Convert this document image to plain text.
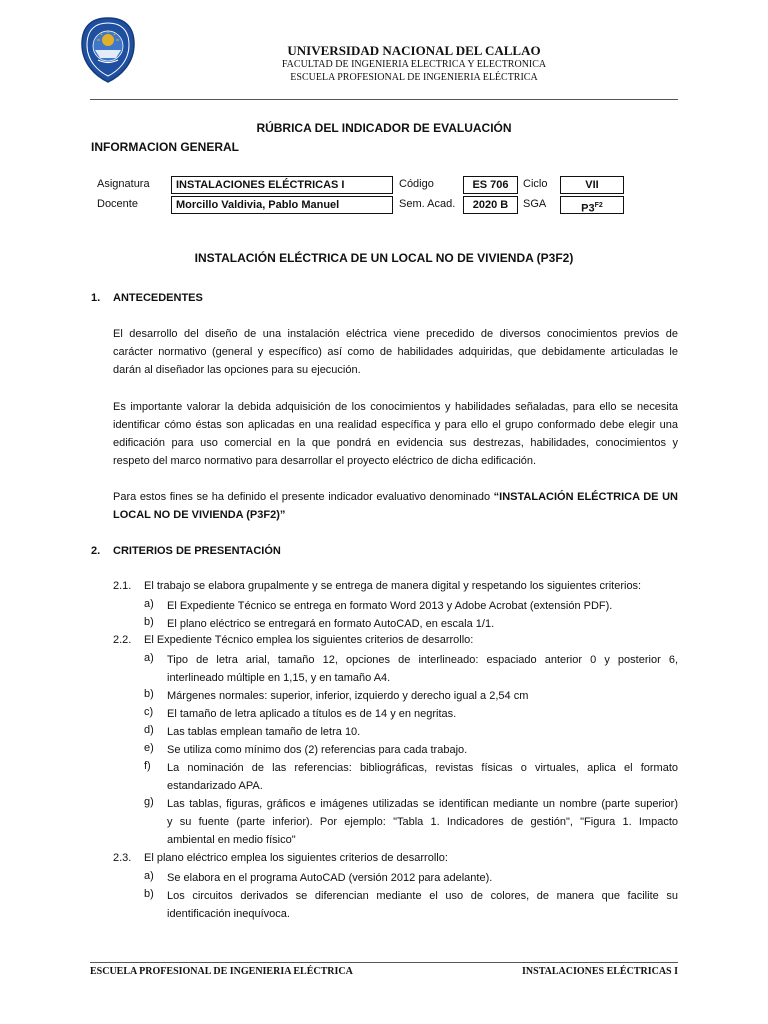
UNIVERSIDAD NACIONAL DEL CALLAO
FACULTAD DE INGENIERIA ELECTRICA Y ELECTRONICA
ESCUELA PROFESIONAL DE INGENIERIA ELÉCTRICA
RÚBRICA DEL INDICADOR DE EVALUACIÓN
INFORMACION GENERAL
Asignatura	INSTALACIONES ELÉCTRICAS I	Código	ES 706	Ciclo	VII
Docente	Morcillo Valdivia, Pablo Manuel	Sem. Acad.	2020 B	SGA	$P3^{F2}$
INSTALACIÓN ELÉCTRICA DE UN LOCAL NO DE VIVIENDA (P3F2)
1. ANTECEDENTES
El desarrollo del diseño de una instalación eléctrica viene precedido de diversos conocimientos previos de
carácter normativo (general y específico) así como de habilidades adquiridas, que debidamente articuladas le
darán al diseñador las opciones para su ejecución.
Es importante valorar la debida adquisición de los conocimientos y habilidades señaladas, para ello se necesita
identificar cómo éstas son aplicadas en una realidad específica y para ello el grupo conformado debe elegir una
edificación para uso comercial en la que pondrá en evidencia sus destrezas, habilidades, conocimientos y
respeto del marco normativo para desarrollar el proyecto eléctrico de dicha edificación.
Para estos fines se ha definido el presente indicador evaluativo denominado “INSTALACIÓN ELÉCTRICA DE UN
LOCAL NO DE VIVIENDA (P3F2)”
2. CRITERIOS DE PRESENTACIÓN
2.1. El trabajo se elabora grupalmente y se entrega de manera digital y respetando los siguientes criterios:
a) El Expediente Técnico se entrega en formato Word 2013 y Adobe Acrobat (extensión PDF).
b) El plano eléctrico se entregará en formato AutoCAD, en escala 1/1.
2.2. El Expediente Técnico emplea los siguientes criterios de desarrollo:
a) Tipo de letra arial, tamaño 12, opciones de interlineado: espaciado anterior 0 y posterior 6,
interlineado múltiple en 1,15, y en tamaño A4.
b) Márgenes normales: superior, inferior, izquierdo y derecho igual a 2,54 cm
c) El tamaño de letra aplicado a títulos es de 14 y en negritas.
d) Las tablas emplean tamaño de letra 10.
e) Se utiliza como mínimo dos (2) referencias para cada trabajo.
f) La nominación de las referencias: bibliográficas, revistas físicas o virtuales, aplica el formato
estandarizado APA.
g) Las tablas, figuras, gráficos e imágenes utilizadas se identifican mediante un nombre (parte superior)
y su fuente (parte inferior). Por ejemplo: "Tabla 1. Indicadores de gestión", "Figura 1. Impacto
ambiental en medio físico"
2.3. El plano eléctrico emplea los siguientes criterios de desarrollo:
a) Se elabora en el programa AutoCAD (versión 2012 para adelante).
b) Los circuitos derivados se diferencian mediante el uso de colores, de manera que facilite su
identificación inequívoca.
ESCUELA PROFESIONAL DE INGENIERIA ELÉCTRICA	INSTALACIONES ELÉCTRICAS I
